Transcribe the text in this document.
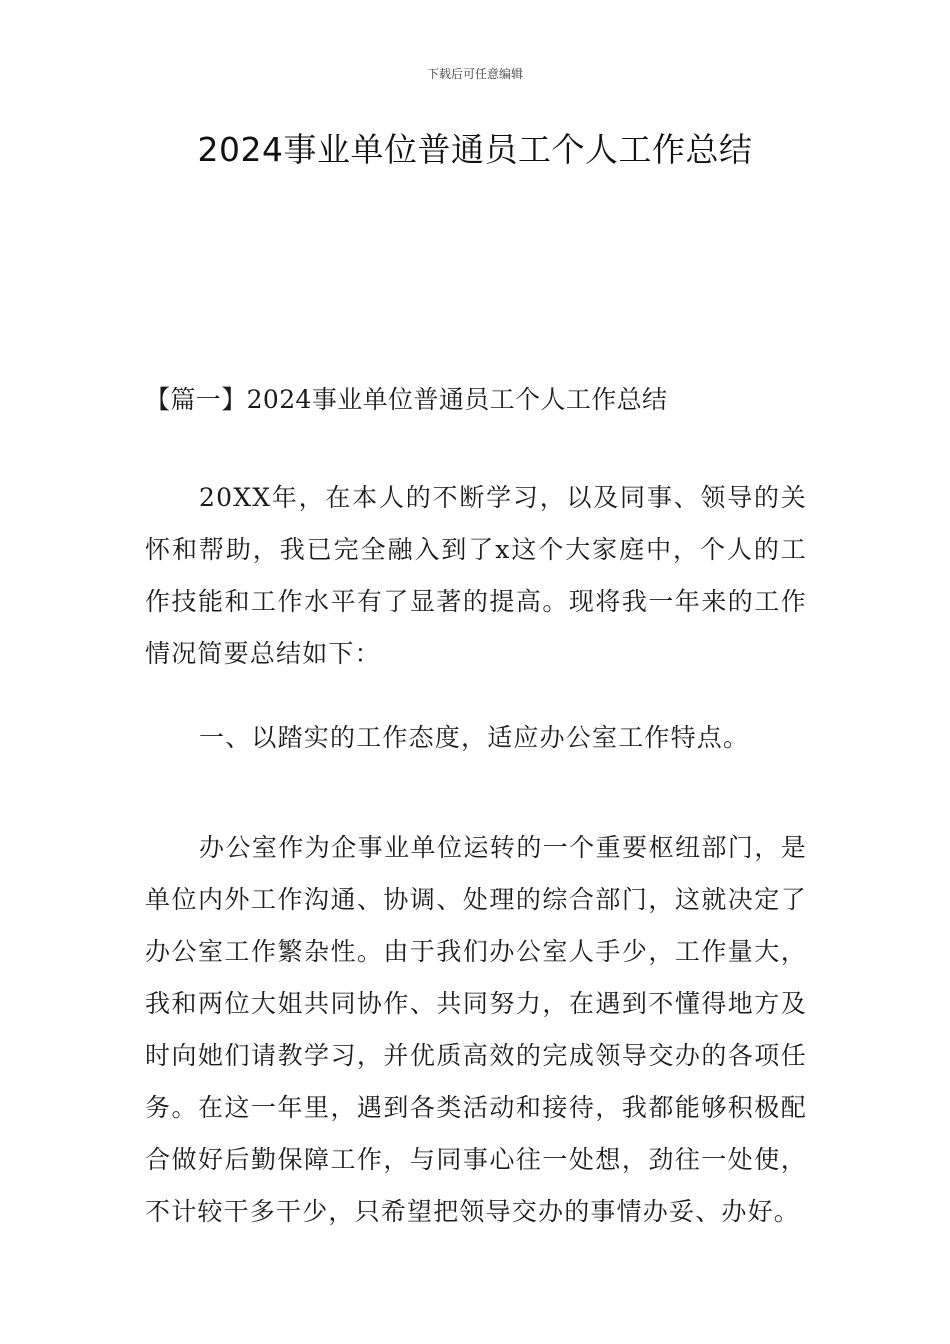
下载后可任意编辑
2024事业单位普通员工个人工作总结
【篇一】2024事业单位普通员工个人工作总结
20XX年，在本人的不断学习，以及同事、领导的关怀和帮助，我已完全融入到了x这个大家庭中，个人的工作技能和工作水平有了显著的提高。现将我一年来的工作情况简要总结如下：
一、以踏实的工作态度，适应办公室工作特点。
办公室作为企事业单位运转的一个重要枢纽部门，是单位内外工作沟通、协调、处理的综合部门，这就决定了办公室工作繁杂性。由于我们办公室人手少，工作量大，我和两位大姐共同协作、共同努力，在遇到不懂得地方及时向她们请教学习，并优质高效的完成领导交办的各项任务。在这一年里，遇到各类活动和接待，我都能够积极配合做好后勤保障工作，与同事心往一处想，劲往一处使，不计较干多干少，只希望把领导交办的事情办妥、办好。
